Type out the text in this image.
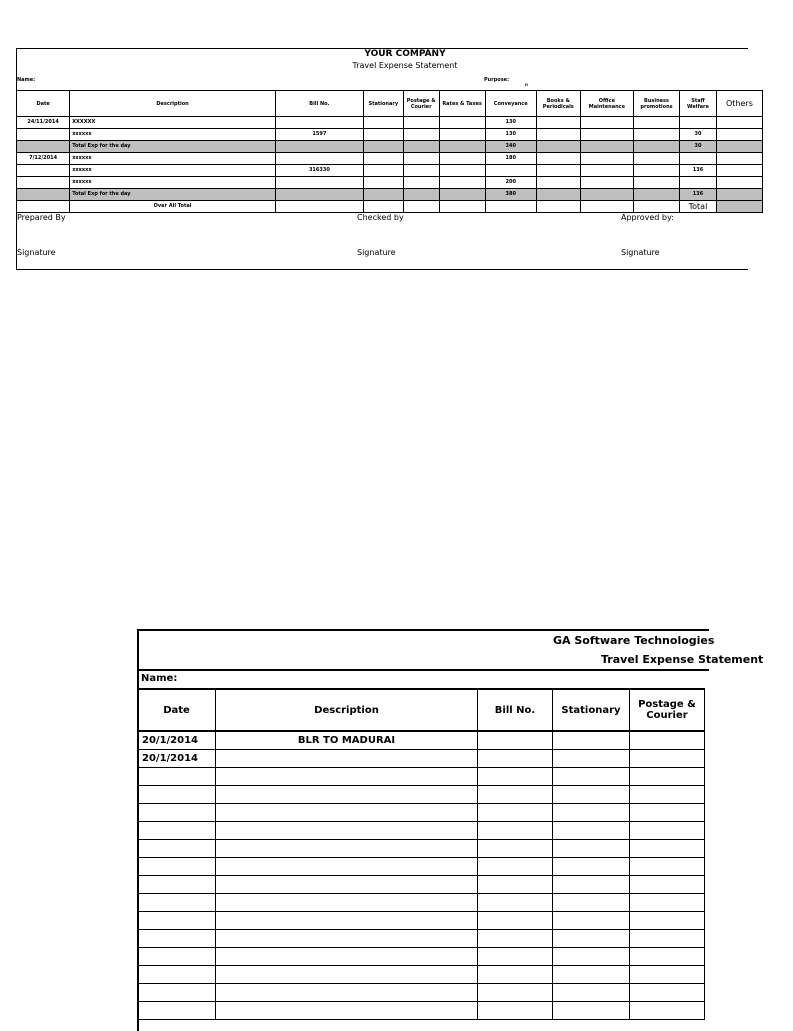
YOUR COMPANY
Travel Expense Statement
Name:	Purpose:
n
Date	Description	Bill No.	Stationary	Postage & Courier	Rates & Taxes	Conveyance	Books & Periodicals	Office Maintenance	Business promotions	Staff Welfare	Others
24/11/2014	XXXXXX					130					
	xxxxxx	1597				130				30	
	Total Exp for the day					240				30	
7/12/2014	xxxxxx					180					
	xxxxxx	316330								136	
	xxxxxx					200					
	Total Exp for the day					380				136	
	Over All Total									Total	
Prepared By	Checked by	Approved by:
Signature	Signature	Signature
GA Software Technologies
Travel Expense Statement
Name:
Date	Description	Bill No.	Stationary	Postage & Courier
20/1/2014	BLR TO MADURAI			
20/1/2014				
